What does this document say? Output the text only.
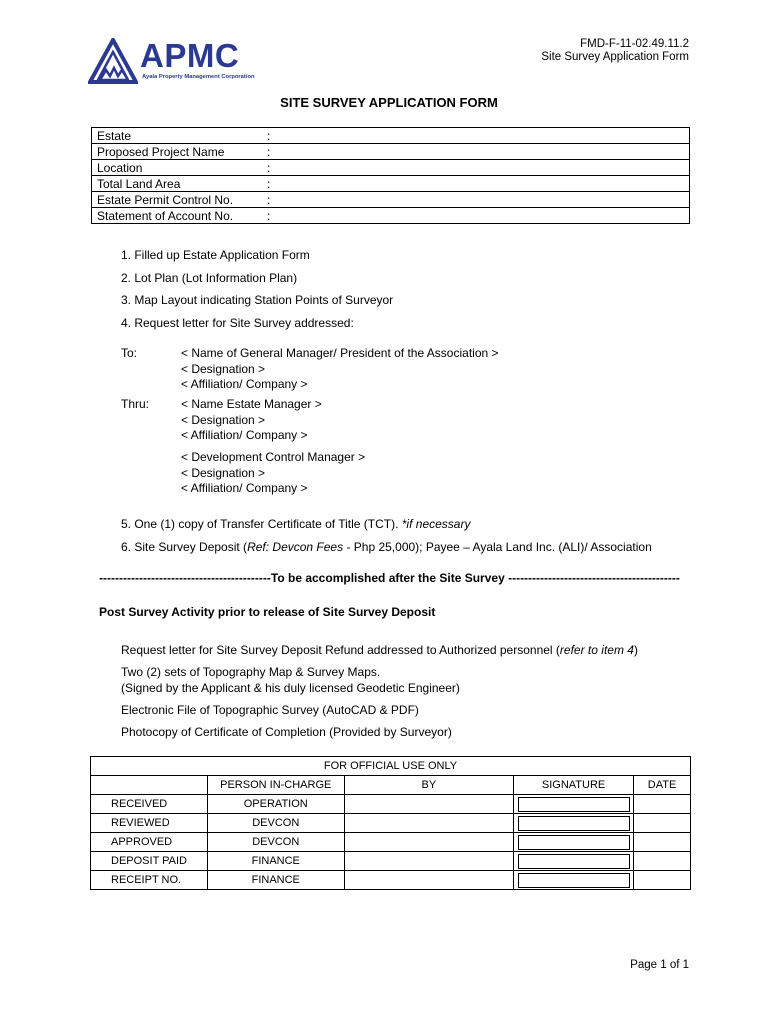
APMC
Ayala Property Management Corporation
FMD-F-11-02.49.11.2
Site Survey Application Form
SITE SURVEY APPLICATION FORM
Estate	:
Proposed Project Name	:
Location	:
Total Land Area	:
Estate Permit Control No.	:
Statement of Account No.	:
1. Filled up Estate Application Form
2. Lot Plan (Lot Information Plan)
3. Map Layout indicating Station Points of Surveyor
4. Request letter for Site Survey addressed:
To:	< Name of General Manager/ President of the Association >
< Designation >
< Affiliation/ Company >
Thru:	< Name Estate Manager >
< Designation >
< Affiliation/ Company >
< Development Control Manager >
< Designation >
< Affiliation/ Company >
5. One (1) copy of Transfer Certificate of Title (TCT). *if necessary
6. Site Survey Deposit (Ref: Devcon Fees - Php 25,000); Payee – Ayala Land Inc. (ALI)/ Association
-------------------------------------------To be accomplished after the Site Survey -------------------------------------------
Post Survey Activity prior to release of Site Survey Deposit
Request letter for Site Survey Deposit Refund addressed to Authorized personnel (refer to item 4)
Two (2) sets of Topography Map & Survey Maps.
(Signed by the Applicant & his duly licensed Geodetic Engineer)
Electronic File of Topographic Survey (AutoCAD & PDF)
Photocopy of Certificate of Completion (Provided by Surveyor)
FOR OFFICIAL USE ONLY				
	PERSON IN-CHARGE	BY	SIGNATURE	DATE
RECEIVED	OPERATION		

REVIEWED	DEVCON		

APPROVED	DEVCON		

DEPOSIT PAID	FINANCE		

RECEIPT NO.	FINANCE		

Page 1 of 1
